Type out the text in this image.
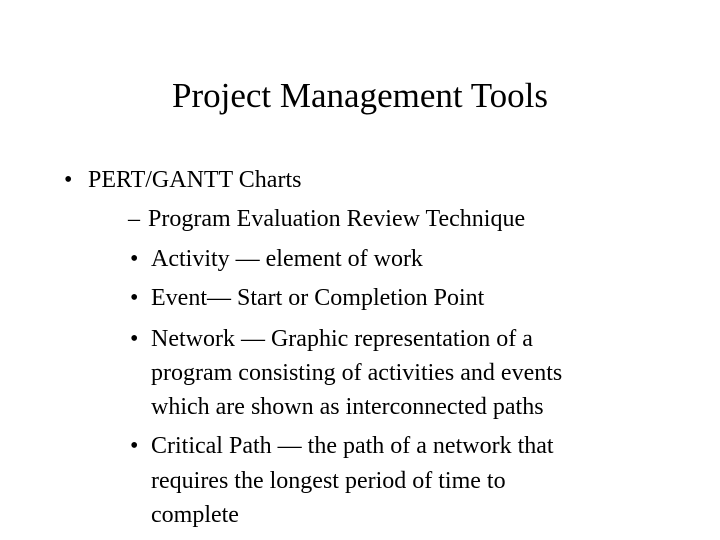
Project Management Tools
• PERT/GANTT Charts
– Program Evaluation Review Technique
• Activity — element of work
• Event— Start or Completion Point
• Network — Graphic representation of a
program consisting of activities and events
which are shown as interconnected paths
• Critical Path — the path of a network that
requires the longest period of time to
complete
